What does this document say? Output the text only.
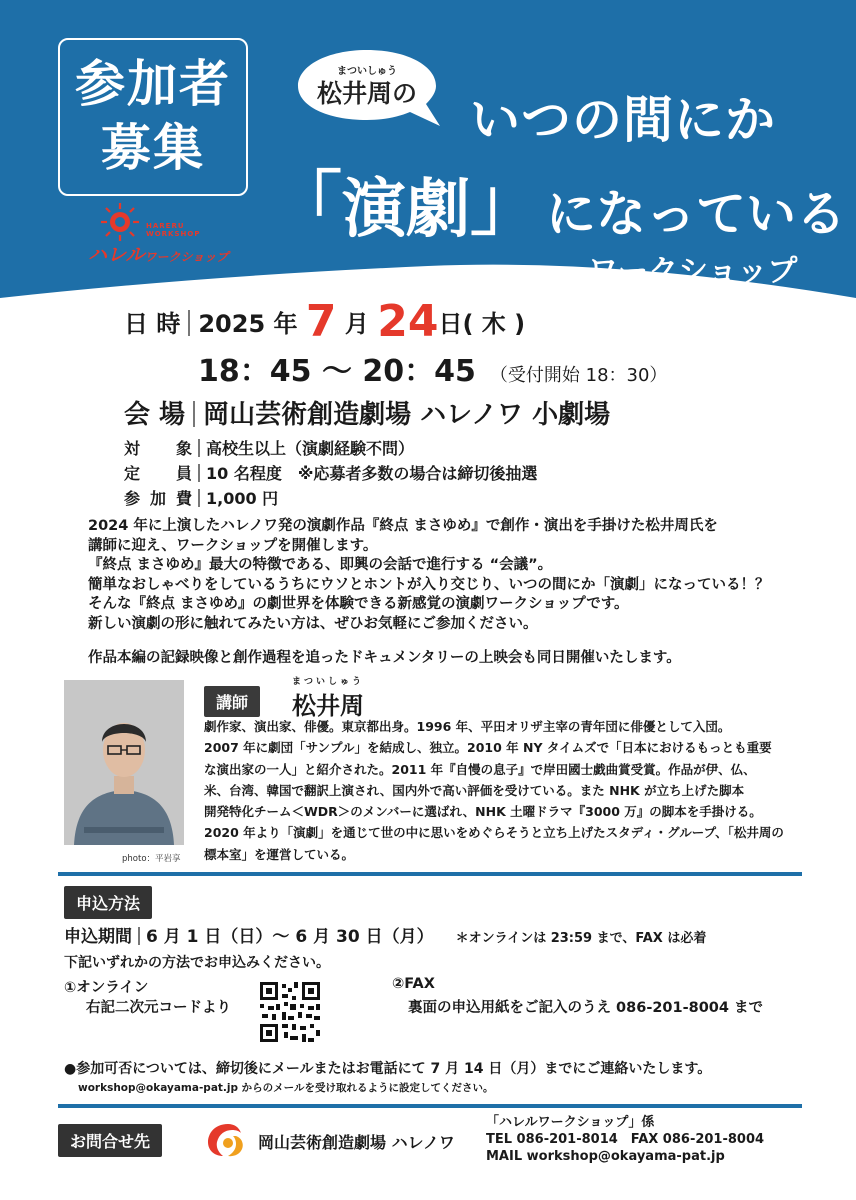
参加者
募集
HARERU WORKSHOP
ハレルワークショップ
まついしゅう
松井周の	いつの間にか
「演劇」 になっている
ワークショップ
日 時 2025 年 7 月 24日( 木 )
18：45 〜 20：45 （受付開始 18：30）
会 場 岡山芸術創造劇場 ハレノワ 小劇場
対象 高校生以上（演劇経験不問）
定員 10 名程度　※応募者多数の場合は締切後抽選
参加費 1,000 円
2024 年に上演したハレノワ発の演劇作品『終点 まさゆめ』で創作・演出を手掛けた松井周氏を
講師に迎え、ワークショップを開催します。
『終点 まさゆめ』最大の特徴である、即興の会話で進行する “会議”。
簡単なおしゃべりをしているうちにウソとホントが入り交じり、いつの間にか「演劇」になっている！？
そんな『終点 まさゆめ』の劇世界を体験できる新感覚の演劇ワークショップです。
新しい演劇の形に触れてみたい方は、ぜひお気軽にご参加ください。
作品本編の記録映像と創作過程を追ったドキュメンタリーの上映会も同日開催いたします。
photo：平岩享
講師
まついしゅう
松井周
劇作家、演出家、俳優。東京都出身。1996 年、平田オリザ主宰の青年団に俳優として入団。
2007 年に劇団「サンプル」を結成し、独立。2010 年 NY タイムズで「日本におけるもっとも重要
な演出家の一人」と紹介された。2011 年『自慢の息子』で岸田國士戯曲賞受賞。作品が伊、仏、
米、台湾、韓国で翻訳上演され、国内外で高い評価を受けている。また NHK が立ち上げた脚本
開発特化チーム＜WDR＞のメンバーに選ばれ、NHK 土曜ドラマ『3000 万』の脚本を手掛ける。
2020 年より「演劇」を通じて世の中に思いをめぐらそうと立ち上げたスタディ・グループ、「松井周の
標本室」を運営している。
申込方法
申込期間 6 月 1 日（日）〜 6 月 30 日（月） ＊オンラインは 23:59 まで、FAX は必着
下記いずれかの方法でお申込みください。
①オンライン
右記二次元コードより
②FAX
裏面の申込用紙をご記入のうえ 086-201-8004 まで
●参加可否については、締切後にメールまたはお電話にて 7 月 14 日（月）までにご連絡いたします。
workshop@okayama-pat.jp からのメールを受け取れるように設定してください。
お問合せ先	岡山芸術創造劇場 ハレノワ
「ハレルワークショップ」係
TEL 086-201-8014　FAX 086-201-8004
MAIL workshop@okayama-pat.jp
